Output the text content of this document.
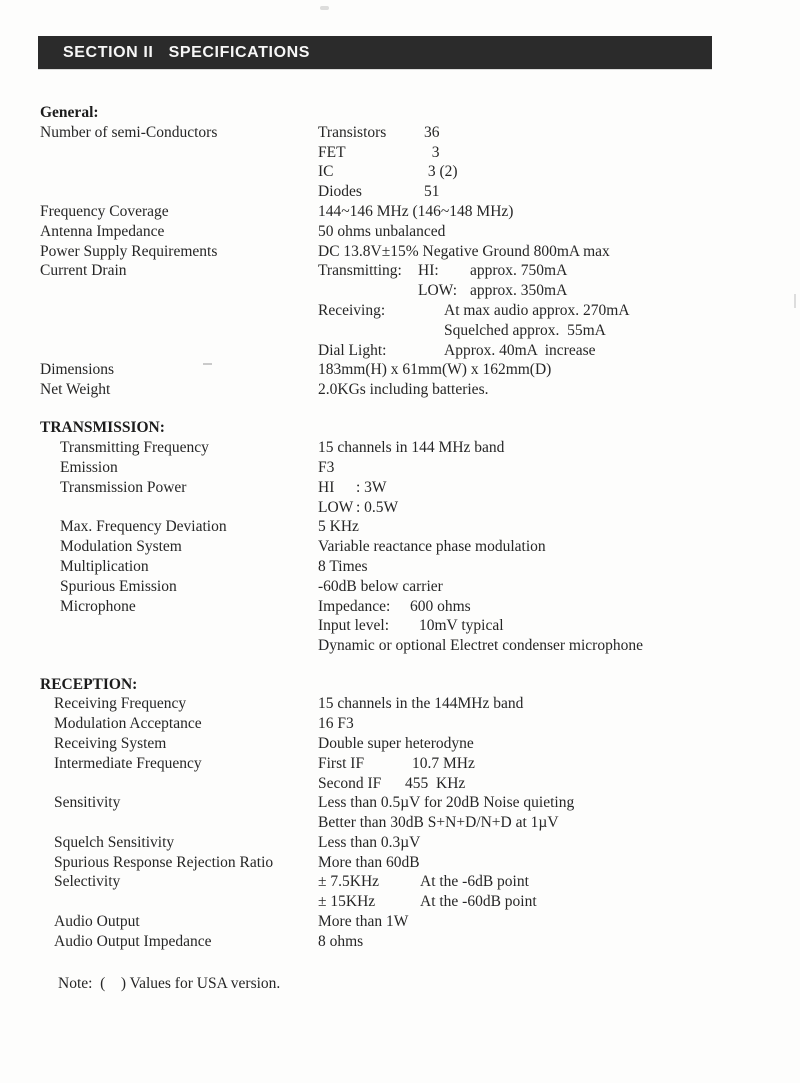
SECTION II   SPECIFICATIONS
General:
Number of semi-Conductors	Transistors 36
FET	3
IC	3 (2)
Diodes	51
Frequency Coverage	144~146 MHz (146~148 MHz)
Antenna Impedance	50 ohms unbalanced
Power Supply Requirements	DC 13.8V±15% Negative Ground 800mA max
Current Drain	Transmitting: HI: approx. 750mA
LOW: approx. 350mA
Receiving:	At max audio approx. 270mA
Squelched approx.  55mA
Dial Light:	Approx. 40mA  increase
Dimensions	183mm(H) x 61mm(W) x 162mm(D)
Net Weight	2.0KGs including batteries.
TRANSMISSION:
Transmitting Frequency	15 channels in 144 MHz band
Emission	F3
Transmission Power	HI : 3W
LOW : 0.5W
Max. Frequency Deviation	5 KHz
Modulation System	Variable reactance phase modulation
Multiplication	8 Times
Spurious Emission	-60dB below carrier
Microphone	Impedance: 600 ohms
Input level: 10mV typical
Dynamic or optional Electret condenser microphone
RECEPTION:
Receiving Frequency	15 channels in the 144MHz band
Modulation Acceptance	16 F3
Receiving System	Double super heterodyne
Intermediate Frequency	First IF	10.7 MHz
Second IF 455  KHz
Sensitivity	Less than 0.5µV for 20dB Noise quieting
Better than 30dB S+N+D/N+D at 1µV
Squelch Sensitivity	Less than 0.3µV
Spurious Response Rejection Ratio	More than 60dB
Selectivity	± 7.5KHz	At the -6dB point
± 15KHz	At the -60dB point
Audio Output	More than 1W
Audio Output Impedance	8 ohms
Note:  (    ) Values for USA version.
